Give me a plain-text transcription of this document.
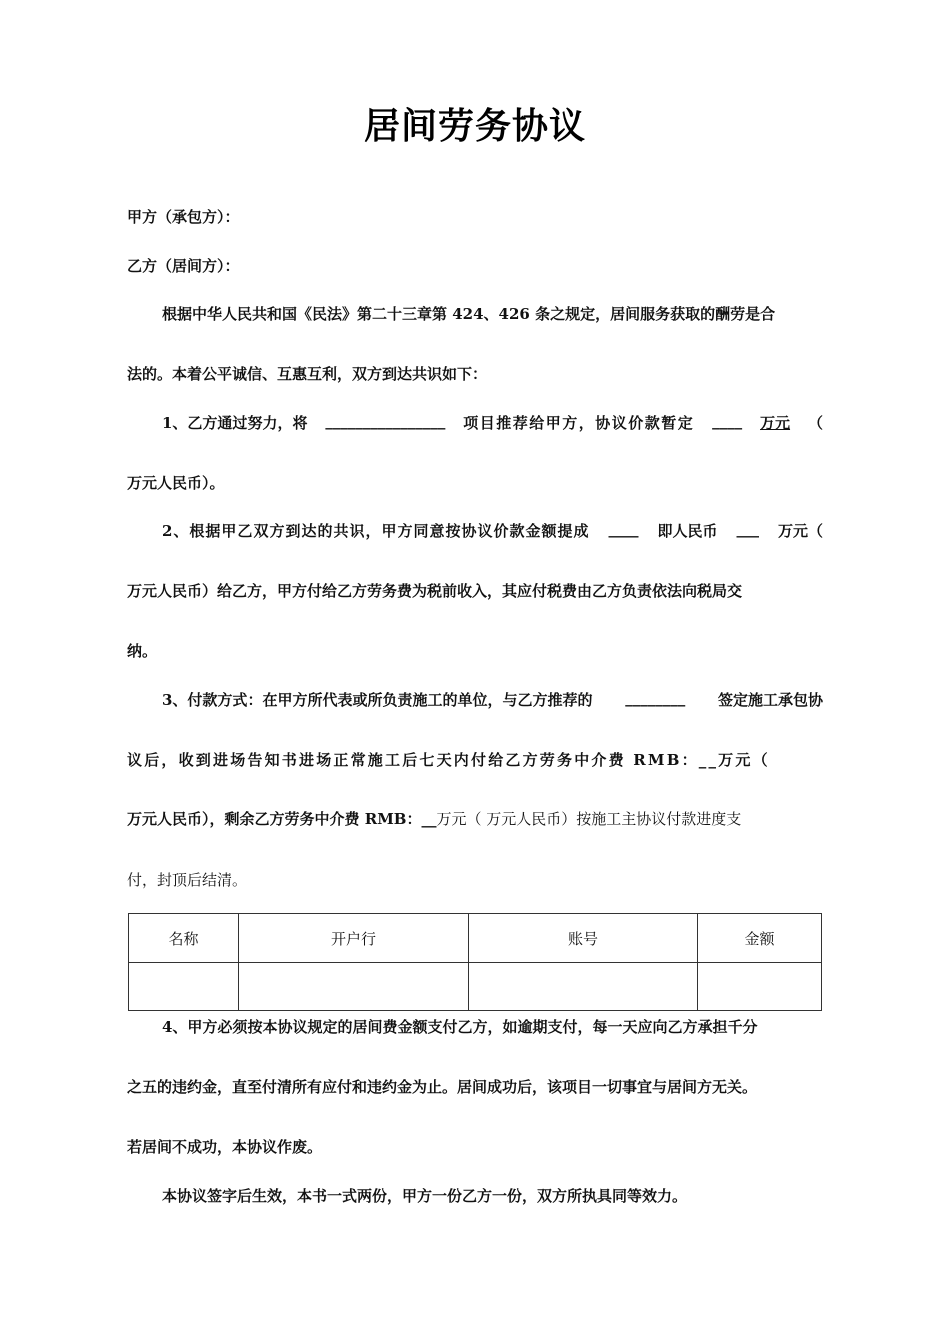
居间劳务协议
甲方（承包方）：
乙方（居间方）：
根据中华人民共和国《民法》第二十三章第 424、426 条之规定，居间服务获取的酬劳是合
法的。本着公平诚信、互惠互利，双方到达共识如下：
1、乙方通过努力，将 ________________ 项目推荐给甲方，协议价款暂定 ____ 万元 （
万元人民币）。
2、根据甲乙双方到达的共识，甲方同意按协议价款金额提成 ____ 即人民币 ___ 万元（
万元人民币）给乙方，甲方付给乙方劳务费为税前收入，其应付税费由乙方负责依法向税局交
纳。
3、付款方式：在甲方所代表或所负责施工的单位，与乙方推荐的 ________ 签定施工承包协
议后，收到进场告知书进场正常施工后七天内付给乙方劳务中介费 RMB：__万元（
万元人民币），剩余乙方劳务中介费 RMB：__万元（ 万元人民币）按施工主协议付款进度支
付，封顶后结清。
名称	开户行	账号	金额

4、甲方必须按本协议规定的居间费金额支付乙方，如逾期支付，每一天应向乙方承担千分
之五的违约金，直至付清所有应付和违约金为止。居间成功后，该项目一切事宜与居间方无关。
若居间不成功，本协议作废。
本协议签字后生效，本书一式两份，甲方一份乙方一份，双方所执具同等效力。
